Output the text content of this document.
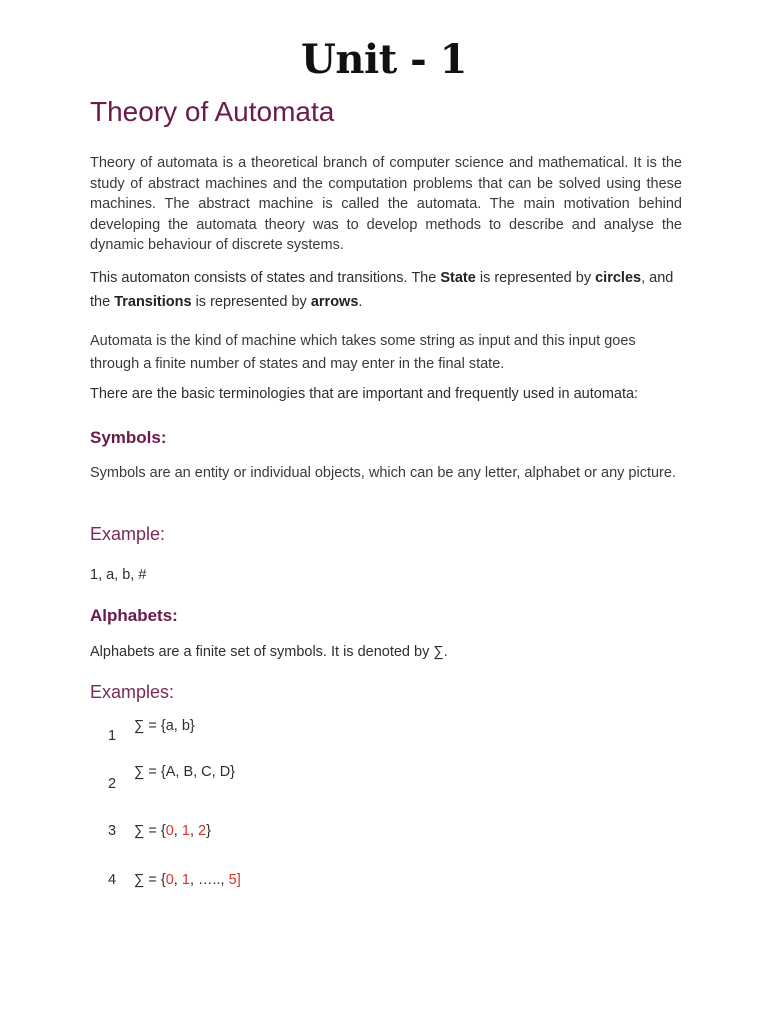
Unit - 1
Theory of Automata

Theory of automata is a theoretical branch of computer science and mathematical. It is the study of abstract machines and the computation problems that can be solved using these machines. The abstract machine is called the automata. The main motivation behind developing the automata theory was to develop methods to describe and analyse the dynamic behaviour of discrete systems.

This automaton consists of states and transitions. The State is represented by circles, and the Transitions is represented by arrows.

Automata is the kind of machine which takes some string as input and this input goes through a finite number of states and may enter in the final state.

There are the basic terminologies that are important and frequently used in automata:

Symbols:

Symbols are an entity or individual objects, which can be any letter, alphabet or any picture.

Example:

1, a, b, #

Alphabets:

Alphabets are a finite set of symbols. It is denoted by ∑.

Examples:
1
∑ = {a, b}
2
∑ = {A, B, C, D}
3	∑ = {0, 1, 2}
4	∑ = {0, 1, ….., 5]
